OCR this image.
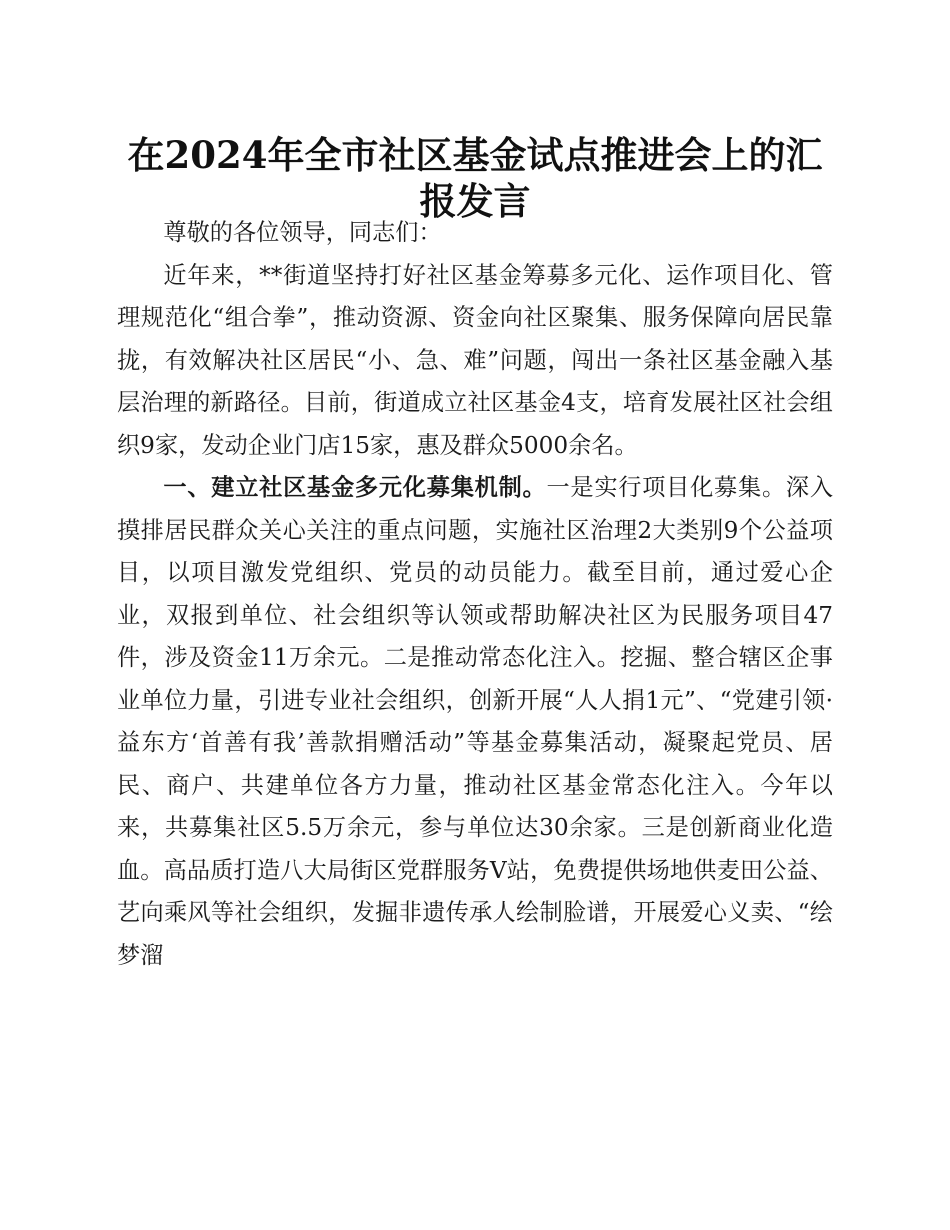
在2024年全市社区基金试点推进会上的汇报发言

尊敬的各位领导，同志们：

近年来，**街道坚持打好社区基金筹募多元化、运作项目化、管理规范化“组合拳”，推动资源、资金向社区聚集、服务保障向居民靠拢，有效解决社区居民“小、急、难”问题，闯出一条社区基金融入基层治理的新路径。目前，街道成立社区基金4支，培育发展社区社会组织9家，发动企业门店15家，惠及群众5000余名。

一、建立社区基金多元化募集机制。一是实行项目化募集。深入摸排居民群众关心关注的重点问题，实施社区治理2大类别9个公益项目，以项目激发党组织、党员的动员能力。截至目前，通过爱心企业，双报到单位、社会组织等认领或帮助解决社区为民服务项目47件，涉及资金11万余元。二是推动常态化注入。挖掘、整合辖区企事业单位力量，引进专业社会组织，创新开展“人人捐1元”、“党建引领·益东方‘首善有我’善款捐赠活动”等基金募集活动，凝聚起党员、居民、商户、共建单位各方力量，推动社区基金常态化注入。今年以来，共募集社区5.5万余元，参与单位达30余家。三是创新商业化造血。高品质打造八大局街区党群服务V站，免费提供场地供麦田公益、艺向乘风等社会组织，发掘非遗传承人绘制脸谱，开展爱心义卖、“绘梦溜
